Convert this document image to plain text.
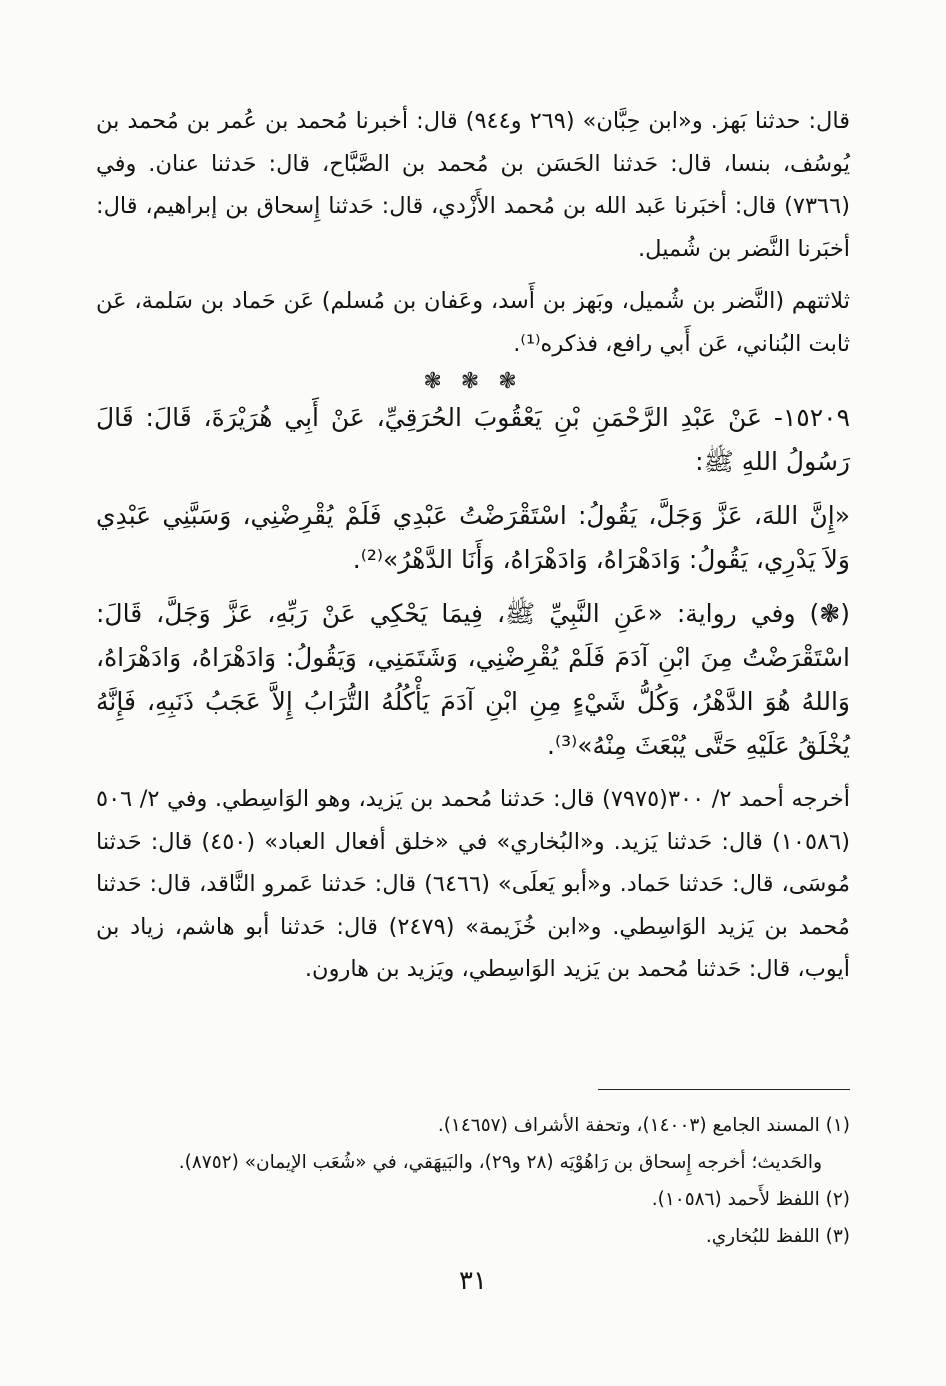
قال: حدثنا بَهز. و«ابن حِبَّان» (٢٦٩ و٩٤٤) قال: أخبرنا مُحمد بن عُمر بن مُحمد بن يُوسُف، بنسا، قال: حَدثنا الحَسَن بن مُحمد بن الصَّبَّاح، قال: حَدثنا عنان. وفي (٧٣٦٦) قال: أخبَرنا عَبد الله بن مُحمد الأَزْدي، قال: حَدثنا إِسحاق بن إبراهيم، قال: أخبَرنا النَّضر بن شُميل.

ثلاثتهم (النَّضر بن شُميل، وبَهز بن أَسد، وعَفان بن مُسلم) عَن حَماد بن سَلمة، عَن ثابت البُناني، عَن أَبي رافع، فذكره⁽¹⁾.

❃ ❃ ❃

١٥٢٠٩- عَنْ عَبْدِ الرَّحْمَنِ بْنِ يَعْقُوبَ الحُرَقِيِّ، عَنْ أَبِي هُرَيْرَةَ، قَالَ: قَالَ رَسُولُ اللهِ ﷺ:

«إِنَّ اللهَ، عَزَّ وَجَلَّ، يَقُولُ: اسْتَقْرَضْتُ عَبْدِي فَلَمْ يُقْرِضْنِي، وَسَبَّنِي عَبْدِي وَلاَ يَدْرِي، يَقُولُ: وَادَهْرَاهُ، وَادَهْرَاهُ، وَأَنَا الدَّهْرُ»⁽²⁾.

(❃) وفي رواية: «عَنِ النَّبِيِّ ﷺ، فِيمَا يَحْكِي عَنْ رَبِّهِ، عَزَّ وَجَلَّ، قَالَ: اسْتَقْرَضْتُ مِنَ ابْنِ آدَمَ فَلَمْ يُقْرِضْنِي، وَشَتَمَنِي، وَيَقُولُ: وَادَهْرَاهُ، وَادَهْرَاهُ، وَاللهُ هُوَ الدَّهْرُ، وَكُلُّ شَيْءٍ مِنِ ابْنِ آدَمَ يَأْكُلُهُ التُّرَابُ إِلاَّ عَجَبُ ذَنَبِهِ، فَإِنَّهُ يُخْلَقُ عَلَيْهِ حَتَّى يُبْعَثَ مِنْهُ»⁽³⁾.

أخرجه أحمد ٢/ ٣٠٠(٧٩٧٥) قال: حَدثنا مُحمد بن يَزيد، وهو الوَاسِطي. وفي ٢/ ٥٠٦ (١٠٥٨٦) قال: حَدثنا يَزيد. و«البُخاري» في «خلق أفعال العباد» (٤٥٠) قال: حَدثنا مُوسَى، قال: حَدثنا حَماد. و«أبو يَعلَى» (٦٤٦٦) قال: حَدثنا عَمرو النَّاقد، قال: حَدثنا مُحمد بن يَزيد الوَاسِطي. و«ابن خُزَيمة» (٢٤٧٩) قال: حَدثنا أبو هاشم، زياد بن أيوب، قال: حَدثنا مُحمد بن يَزيد الوَاسِطي، ويَزيد بن هارون.

(١) المسند الجامع (١٤٠٠٣)، وتحفة الأشراف (١٤٦٥٧).

والحَديث؛ أخرجه إِسحاق بن رَاهُوْيَه (٢٨ و٢٩)، والبَيهَقي، في «شُعَب الإيمان» (٨٧٥٢).

(٢) اللفظ لأَحمد (١٠٥٨٦).

(٣) اللفظ للبُخاري.

٣١
